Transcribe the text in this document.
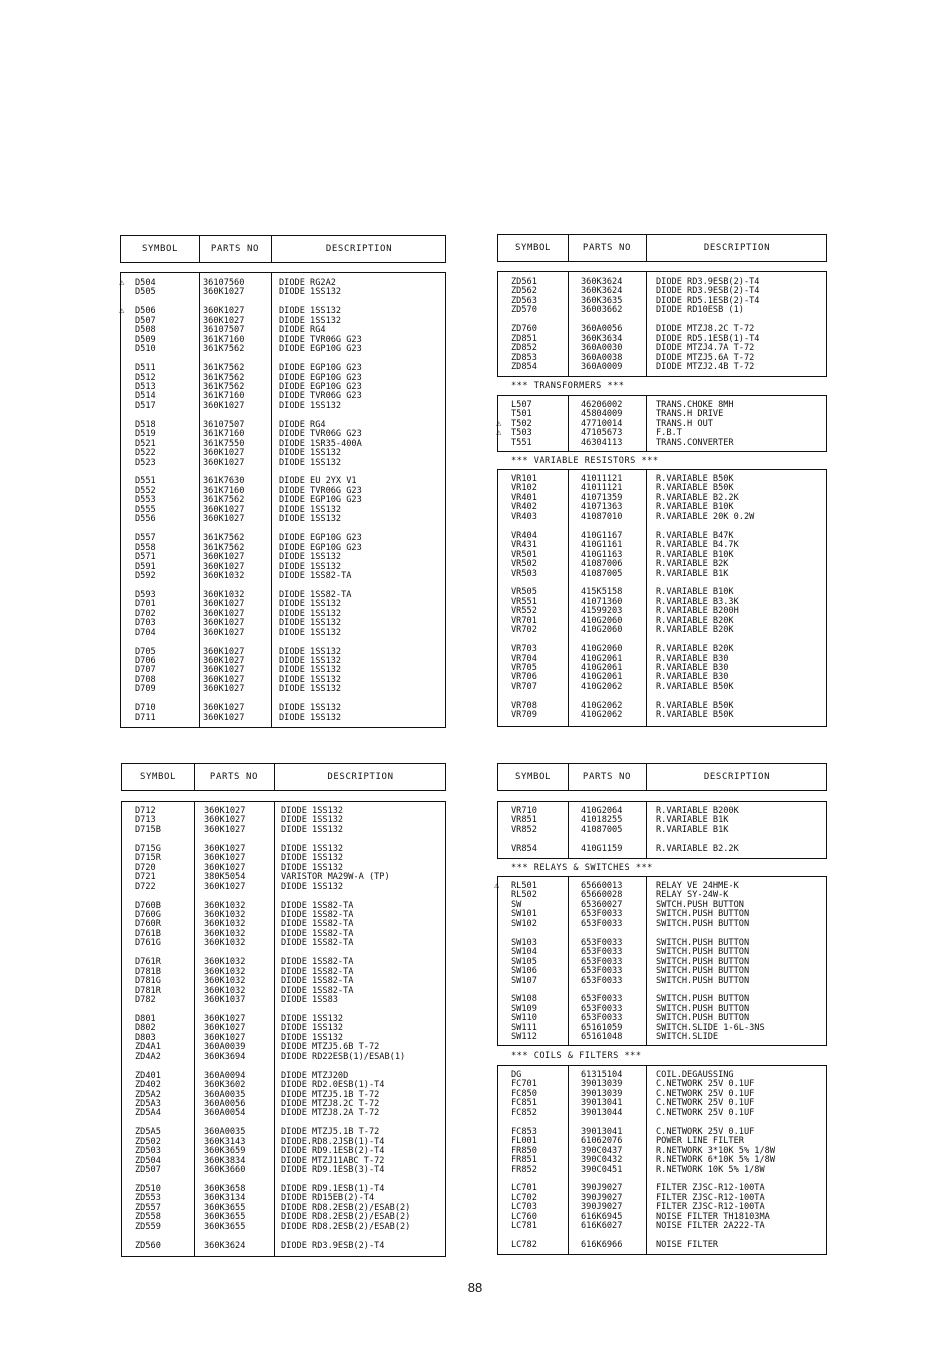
SYMBOL	PARTS NO	DESCRIPTION	SYMBOL	PARTS NO	DESCRIPTION
SYMBOL	PARTS NO	DESCRIPTION	SYMBOL	PARTS NO	DESCRIPTION
*** TRANSFORMERS ***
*** VARIABLE RESISTORS ***
*** RELAYS & SWITCHES ***
*** COILS & FILTERS ***
88
D504	36107560	DIODE RG2A2
⚠
D505	360K1027	DIODE 1SS132
D506	360K1027	DIODE 1SS132
⚠
D507	360K1027	DIODE 1SS132
D508	36107507	DIODE RG4
D509	361K7160	DIODE TVR06G G23
D510	361K7562	DIODE EGP10G G23
D511	361K7562	DIODE EGP10G G23
D512	361K7562	DIODE EGP10G G23
D513	361K7562	DIODE EGP10G G23
D514	361K7160	DIODE TVR06G G23
D517	360K1027	DIODE 1SS132
D518	36107507	DIODE RG4
D519	361K7160	DIODE TVR06G G23
D521	361K7550	DIODE 1SR35-400A
D522	360K1027	DIODE 1SS132
D523	360K1027	DIODE 1SS132
D551	361K7630	DIODE EU 2YX V1
D552	361K7160	DIODE TVR06G G23
D553	361K7562	DIODE EGP10G G23
D555	360K1027	DIODE 1SS132
D556	360K1027	DIODE 1SS132
D557	361K7562	DIODE EGP10G G23
D558	361K7562	DIODE EGP10G G23
D571	360K1027	DIODE 1SS132
D591	360K1027	DIODE 1SS132
D592	360K1032	DIODE 1SS82-TA
D593	360K1032	DIODE 1SS82-TA
D701	360K1027	DIODE 1SS132
D702	360K1027	DIODE 1SS132
D703	360K1027	DIODE 1SS132
D704	360K1027	DIODE 1SS132
D705	360K1027	DIODE 1SS132
D706	360K1027	DIODE 1SS132
D707	360K1027	DIODE 1SS132
D708	360K1027	DIODE 1SS132
D709	360K1027	DIODE 1SS132
D710	360K1027	DIODE 1SS132
D711	360K1027	DIODE 1SS132
ZD561	360K3624	DIODE RD3.9ESB(2)-T4
ZD562	360K3624	DIODE RD3.9ESB(2)-T4
ZD563	360K3635	DIODE RD5.1ESB(2)-T4
ZD570	36003662	DIODE RD10ESB (1)
ZD760	360A0056	DIODE MTZJ8.2C T-72
ZD851	360K3634	DIODE RD5.1ESB(1)-T4
ZD852	360A0030	DIODE MTZJ4.7A T-72
ZD853	360A0038	DIODE MTZJ5.6A T-72
ZD854	360A0009	DIODE MTZJ2.4B T-72
L507	46206002	TRANS.CHOKE 8MH
T501	45804009	TRANS.H DRIVE
T502	47710014	TRANS.H OUT
⚠
T503	47105673	F.B.T
⚠
T551	46304113	TRANS.CONVERTER
VR101	41011121	R.VARIABLE B50K
VR102	41011121	R.VARIABLE B50K
VR401	41071359	R.VARIABLE B2.2K
VR402	41071363	R.VARIABLE B10K
VR403	41087010	R.VARIABLE 20K 0.2W
VR404	410G1167	R.VARIABLE B47K
VR431	410G1161	R.VARIABLE B4.7K
VR501	410G1163	R.VARIABLE B10K
VR502	41087006	R.VARIABLE B2K
VR503	41087005	R.VARIABLE B1K
VR505	415K5158	R.VARIABLE B10K
VR551	41071360	R.VARIABLE B3.3K
VR552	41599203	R.VARIABLE B200H
VR701	410G2060	R.VARIABLE B20K
VR702	410G2060	R.VARIABLE B20K
VR703	410G2060	R.VARIABLE B20K
VR704	410G2061	R.VARIABLE B30
VR705	410G2061	R.VARIABLE B30
VR706	410G2061	R.VARIABLE B30
VR707	410G2062	R.VARIABLE B50K
VR708	410G2062	R.VARIABLE B50K
VR709	410G2062	R.VARIABLE B50K
D712	360K1027	DIODE 1SS132
D713	360K1027	DIODE 1SS132
D715B	360K1027	DIODE 1SS132
D715G	360K1027	DIODE 1SS132
D715R	360K1027	DIODE 1SS132
D720	360K1027	DIODE 1SS132
D721	380K5054	VARISTOR MA29W-A (TP)
D722	360K1027	DIODE 1SS132
D760B	360K1032	DIODE 1SS82-TA
D760G	360K1032	DIODE 1SS82-TA
D760R	360K1032	DIODE 1SS82-TA
D761B	360K1032	DIODE 1SS82-TA
D761G	360K1032	DIODE 1SS82-TA
D761R	360K1032	DIODE 1SS82-TA
D781B	360K1032	DIODE 1SS82-TA
D781G	360K1032	DIODE 1SS82-TA
D781R	360K1032	DIODE 1SS82-TA
D782	360K1037	DIODE 1SS83
D801	360K1027	DIODE 1SS132
D802	360K1027	DIODE 1SS132
D803	360K1027	DIODE 1SS132
ZD4A1	360A0039	DIODE MTZJ5.6B T-72
ZD4A2	360K3694	DIODE RD22ESB(1)/ESAB(1)
ZD401	360A0094	DIODE MTZJ20D
ZD402	360K3602	DIODE RD2.0ESB(1)-T4
ZD5A2	360A0035	DIODE MTZJ5.1B T-72
ZD5A3	360A0056	DIODE MTZJ8.2C T-72
ZD5A4	360A0054	DIODE MTZJ8.2A T-72
ZD5A5	360A0035	DIODE MTZJ5.1B T-72
ZD502	360K3143	DIODE.RD8.2JSB(1)-T4
ZD503	360K3659	DIODE RD9.1ESB(2)-T4
ZD504	360K3834	DIODE MTZJ11ABC T-72
ZD507	360K3660	DIODE RD9.1ESB(3)-T4
ZD510	360K3658	DIODE RD9.1ESB(1)-T4
ZD553	360K3134	DIODE RD15EB(2)-T4
ZD557	360K3655	DIODE RD8.2ESB(2)/ESAB(2)
ZD558	360K3655	DIODE RD8.2ESB(2)/ESAB(2)
ZD559	360K3655	DIODE RD8.2ESB(2)/ESAB(2)
ZD560	360K3624	DIODE RD3.9ESB(2)-T4
VR710	410G2064	R.VARIABLE B200K
VR851	41018255	R.VARIABLE B1K
VR852	41087005	R.VARIABLE B1K
VR854	410G1159	R.VARIABLE B2.2K
RL501	65660013	RELAY VE 24HME-K
⚠
RL502	65660028	RELAY SY-24W-K
SW	65360027	SWTCH.PUSH BUTTON
SW101	653F0033	SWITCH.PUSH BUTTON
SW102	653F0033	SWITCH.PUSH BUTTON
SW103	653F0033	SWITCH.PUSH BUTTON
SW104	653F0033	SWITCH.PUSH BUTTON
SW105	653F0033	SWITCH.PUSH BUTTON
SW106	653F0033	SWITCH.PUSH BUTTON
SW107	653F0033	SWITCH.PUSH BUTTON
SW108	653F0033	SWITCH.PUSH BUTTON
SW109	653F0033	SWITCH.PUSH BUTTON
SW110	653F0033	SWITCH.PUSH BUTTON
SW111	65161059	SWITCH.SLIDE 1-6L-3NS
SW112	65161048	SWITCH.SLIDE
DG	61315104	COIL.DEGAUSSING
FC701	39013039	C.NETWORK 25V 0.1UF
FC850	39013039	C.NETWORK 25V 0.1UF
FC851	39013041	C.NETWORK 25V 0.1UF
FC852	39013044	C.NETWORK 25V 0.1UF
FC853	39013041	C.NETWORK 25V 0.1UF
FL001	61062076	POWER LINE FILTER
FR850	390C0437	R.NETWORK 3*10K 5% 1/8W
FR851	390C0432	R.NETWORK 6*10K 5% 1/8W
FR852	390C0451	R.NETWORK 10K 5% 1/8W
LC701	390J9027	FILTER ZJSC-R12-100TA
LC702	390J9027	FILTER ZJSC-R12-100TA
LC703	390J9027	FILTER ZJSC-R12-100TA
LC760	616K6945	NOISE FILTER TH18103MA
LC781	616K6027	NOISE FILTER 2A222-TA
LC782	616K6966	NOISE FILTER
